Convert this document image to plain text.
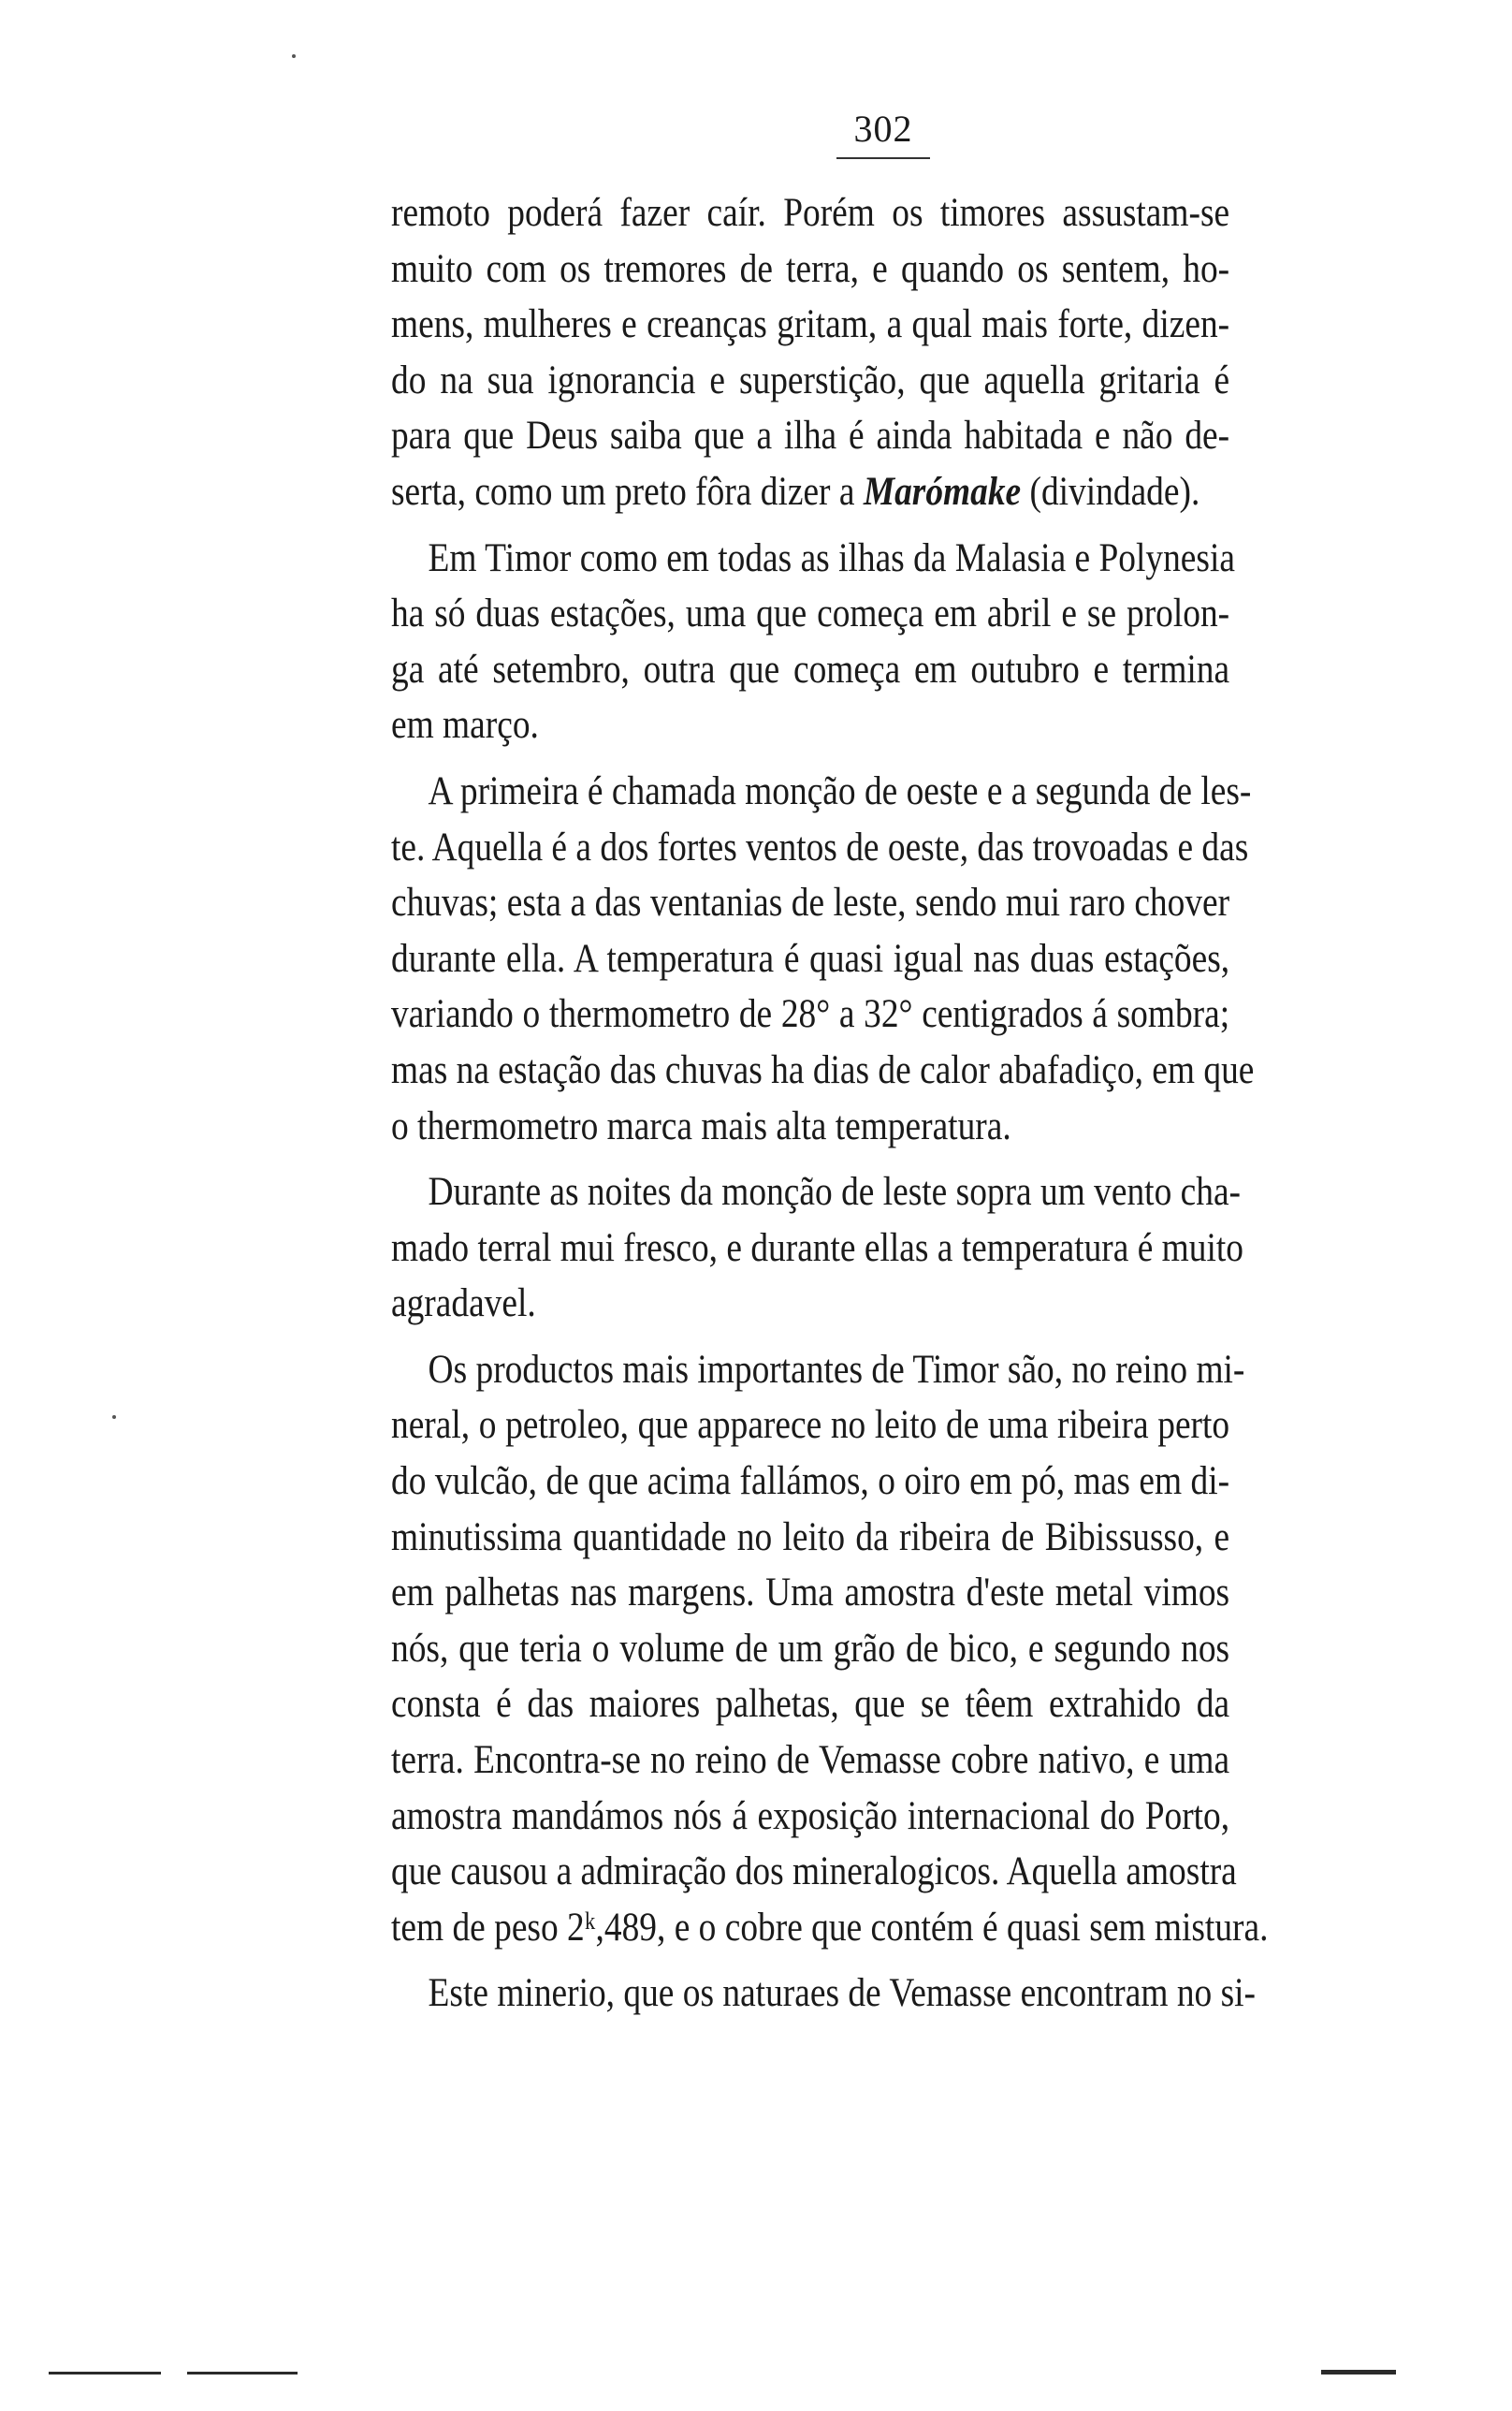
302
remoto poderá fazer caír. Porém os timores assustam-se
muito com os tremores de terra, e quando os sentem, ho-
mens, mulheres e creanças gritam, a qual mais forte, dizen-
do na sua ignorancia e superstição, que aquella gritaria é
para que Deus saiba que a ilha é ainda habitada e não de-
serta, como um preto fôra dizer a Marómake (divindade).
Em Timor como em todas as ilhas da Malasia e Polynesia
ha só duas estações, uma que começa em abril e se prolon-
ga até setembro, outra que começa em outubro e termina
em março.
A primeira é chamada monção de oeste e a segunda de les-
te. Aquella é a dos fortes ventos de oeste, das trovoadas e das
chuvas; esta a das ventanias de leste, sendo mui raro chover
durante ella. A temperatura é quasi igual nas duas estações,
variando o thermometro de 28° a 32° centigrados á sombra;
mas na estação das chuvas ha dias de calor abafadiço, em que
o thermometro marca mais alta temperatura.
Durante as noites da monção de leste sopra um vento cha-
mado terral mui fresco, e durante ellas a temperatura é muito
agradavel.
Os productos mais importantes de Timor são, no reino mi-
neral, o petroleo, que apparece no leito de uma ribeira perto
do vulcão, de que acima fallámos, o oiro em pó, mas em di-
minutissima quantidade no leito da ribeira de Bibissusso, e
em palhetas nas margens. Uma amostra d'este metal vimos
nós, que teria o volume de um grão de bico, e segundo nos
consta é das maiores palhetas, que se têem extrahido da
terra. Encontra-se no reino de Vemasse cobre nativo, e uma
amostra mandámos nós á exposição internacional do Porto,
que causou a admiração dos mineralogicos. Aquella amostra
tem de peso 2ᵏ,489, e o cobre que contém é quasi sem mistura.
Este minerio, que os naturaes de Vemasse encontram no si-
